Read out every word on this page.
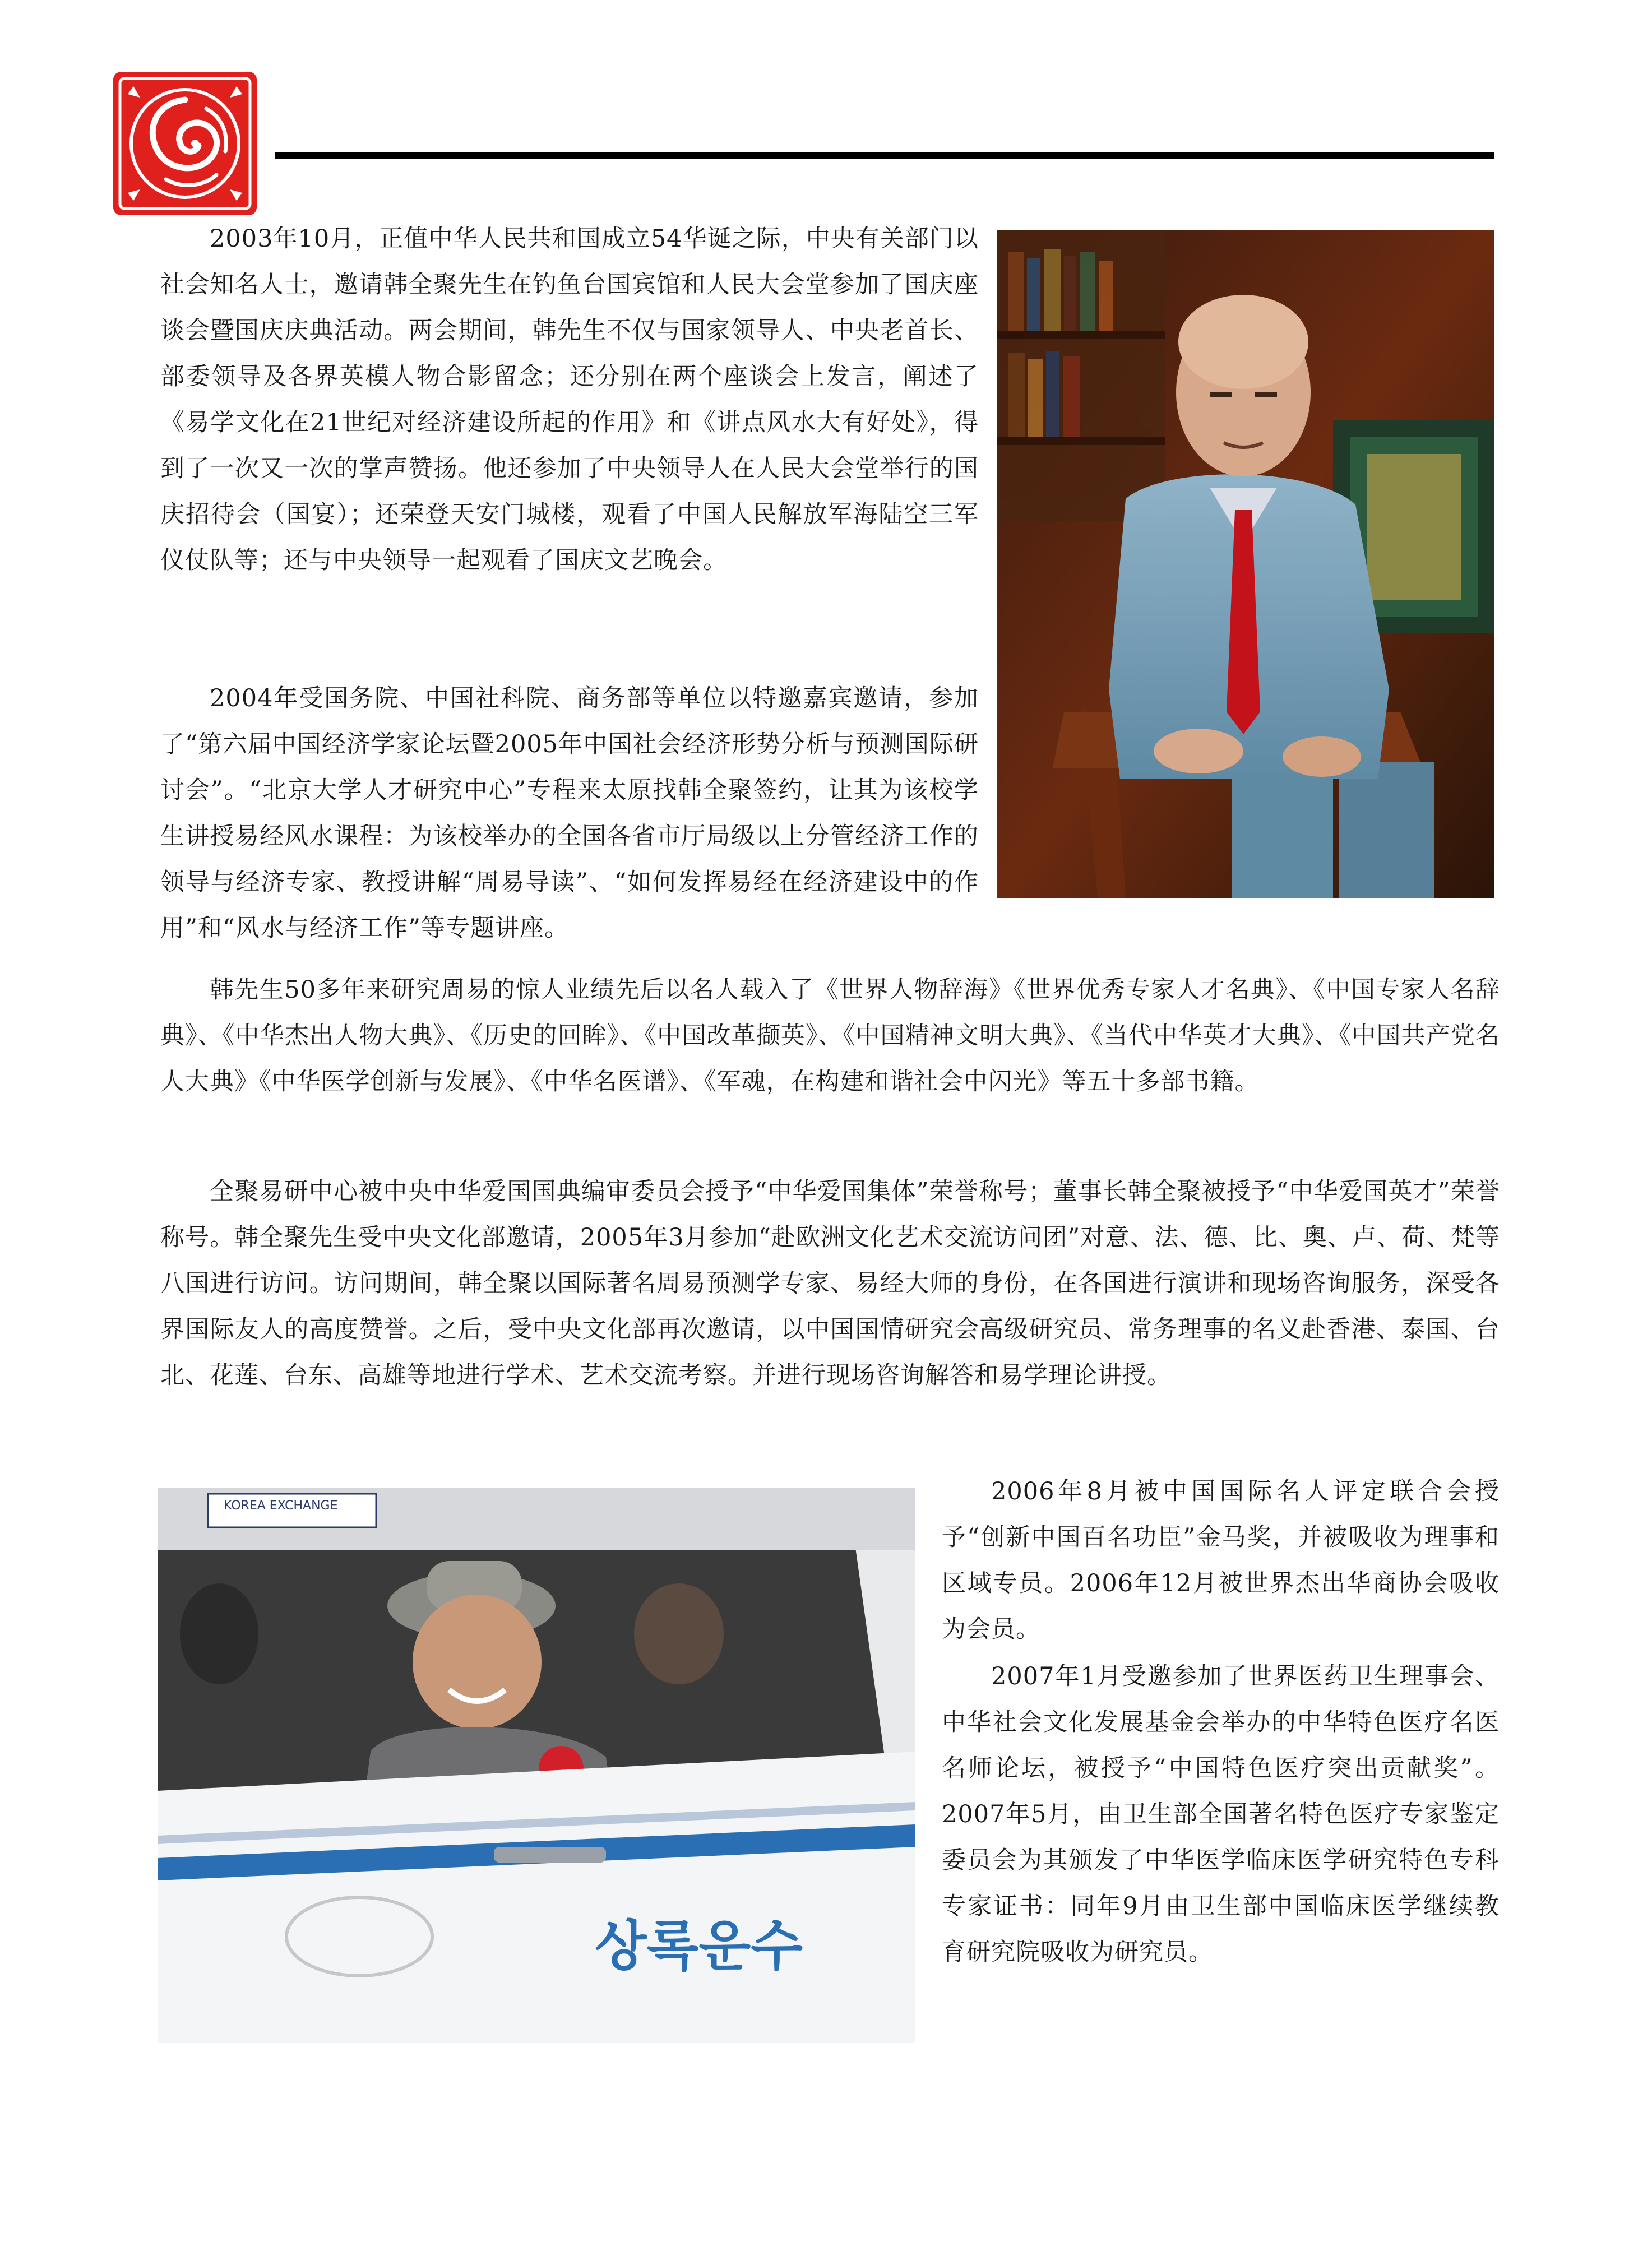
2003年10月，正值中华人民共和国成立54华诞之际，中央有关部门以社会知名人士，邀请韩全聚先生在钓鱼台国宾馆和人民大会堂参加了国庆座谈会暨国庆庆典活动。两会期间，韩先生不仅与国家领导人、中央老首长、部委领导及各界英模人物合影留念；还分别在两个座谈会上发言，阐述了《易学文化在21世纪对经济建设所起的作用》和《讲点风水大有好处》，得到了一次又一次的掌声赞扬。他还参加了中央领导人在人民大会堂举行的国庆招待会（国宴）；还荣登天安门城楼，观看了中国人民解放军海陆空三军仪仗队等；还与中央领导一起观看了国庆文艺晚会。

2004年受国务院、中国社科院、商务部等单位以特邀嘉宾邀请，参加了“第六届中国经济学家论坛暨2005年中国社会经济形势分析与预测国际研讨会”。“北京大学人才研究中心”专程来太原找韩全聚签约，让其为该校学生讲授易经风水课程：为该校举办的全国各省市厅局级以上分管经济工作的领导与经济专家、教授讲解“周易导读”、“如何发挥易经在经济建设中的作用”和“风水与经济工作”等专题讲座。

韩先生50多年来研究周易的惊人业绩先后以名人载入了《世界人物辞海》《世界优秀专家人才名典》、《中国专家人名辞典》、《中华杰出人物大典》、《历史的回眸》、《中国改革撷英》、《中国精神文明大典》、《当代中华英才大典》、《中国共产党名人大典》《中华医学创新与发展》、《中华名医谱》、《军魂，在构建和谐社会中闪光》等五十多部书籍。

全聚易研中心被中央中华爱国国典编审委员会授予“中华爱国集体”荣誉称号；董事长韩全聚被授予“中华爱国英才”荣誉称号。韩全聚先生受中央文化部邀请，2005年3月参加“赴欧洲文化艺术交流访问团”对意、法、德、比、奥、卢、荷、梵等八国进行访问。访问期间，韩全聚以国际著名周易预测学专家、易经大师的身份，在各国进行演讲和现场咨询服务，深受各界国际友人的高度赞誉。之后，受中央文化部再次邀请，以中国国情研究会高级研究员、常务理事的名义赴香港、泰国、台北、花莲、台东、高雄等地进行学术、艺术交流考察。并进行现场咨询解答和易学理论讲授。

2006年8月被中国国际名人评定联合会授予“创新中国百名功臣”金马奖，并被吸收为理事和区域专员。2006年12月被世界杰出华商协会吸收为会员。

2007年1月受邀参加了世界医药卫生理事会、中华社会文化发展基金会举办的中华特色医疗名医名师论坛，被授予“中国特色医疗突出贡献奖”。2007年5月，由卫生部全国著名特色医疗专家鉴定委员会为其颁发了中华医学临床医学研究特色专科专家证书：同年9月由卫生部中国临床医学继续教育研究院吸收为研究员。

KOREA EXCHANGE
상록운수
